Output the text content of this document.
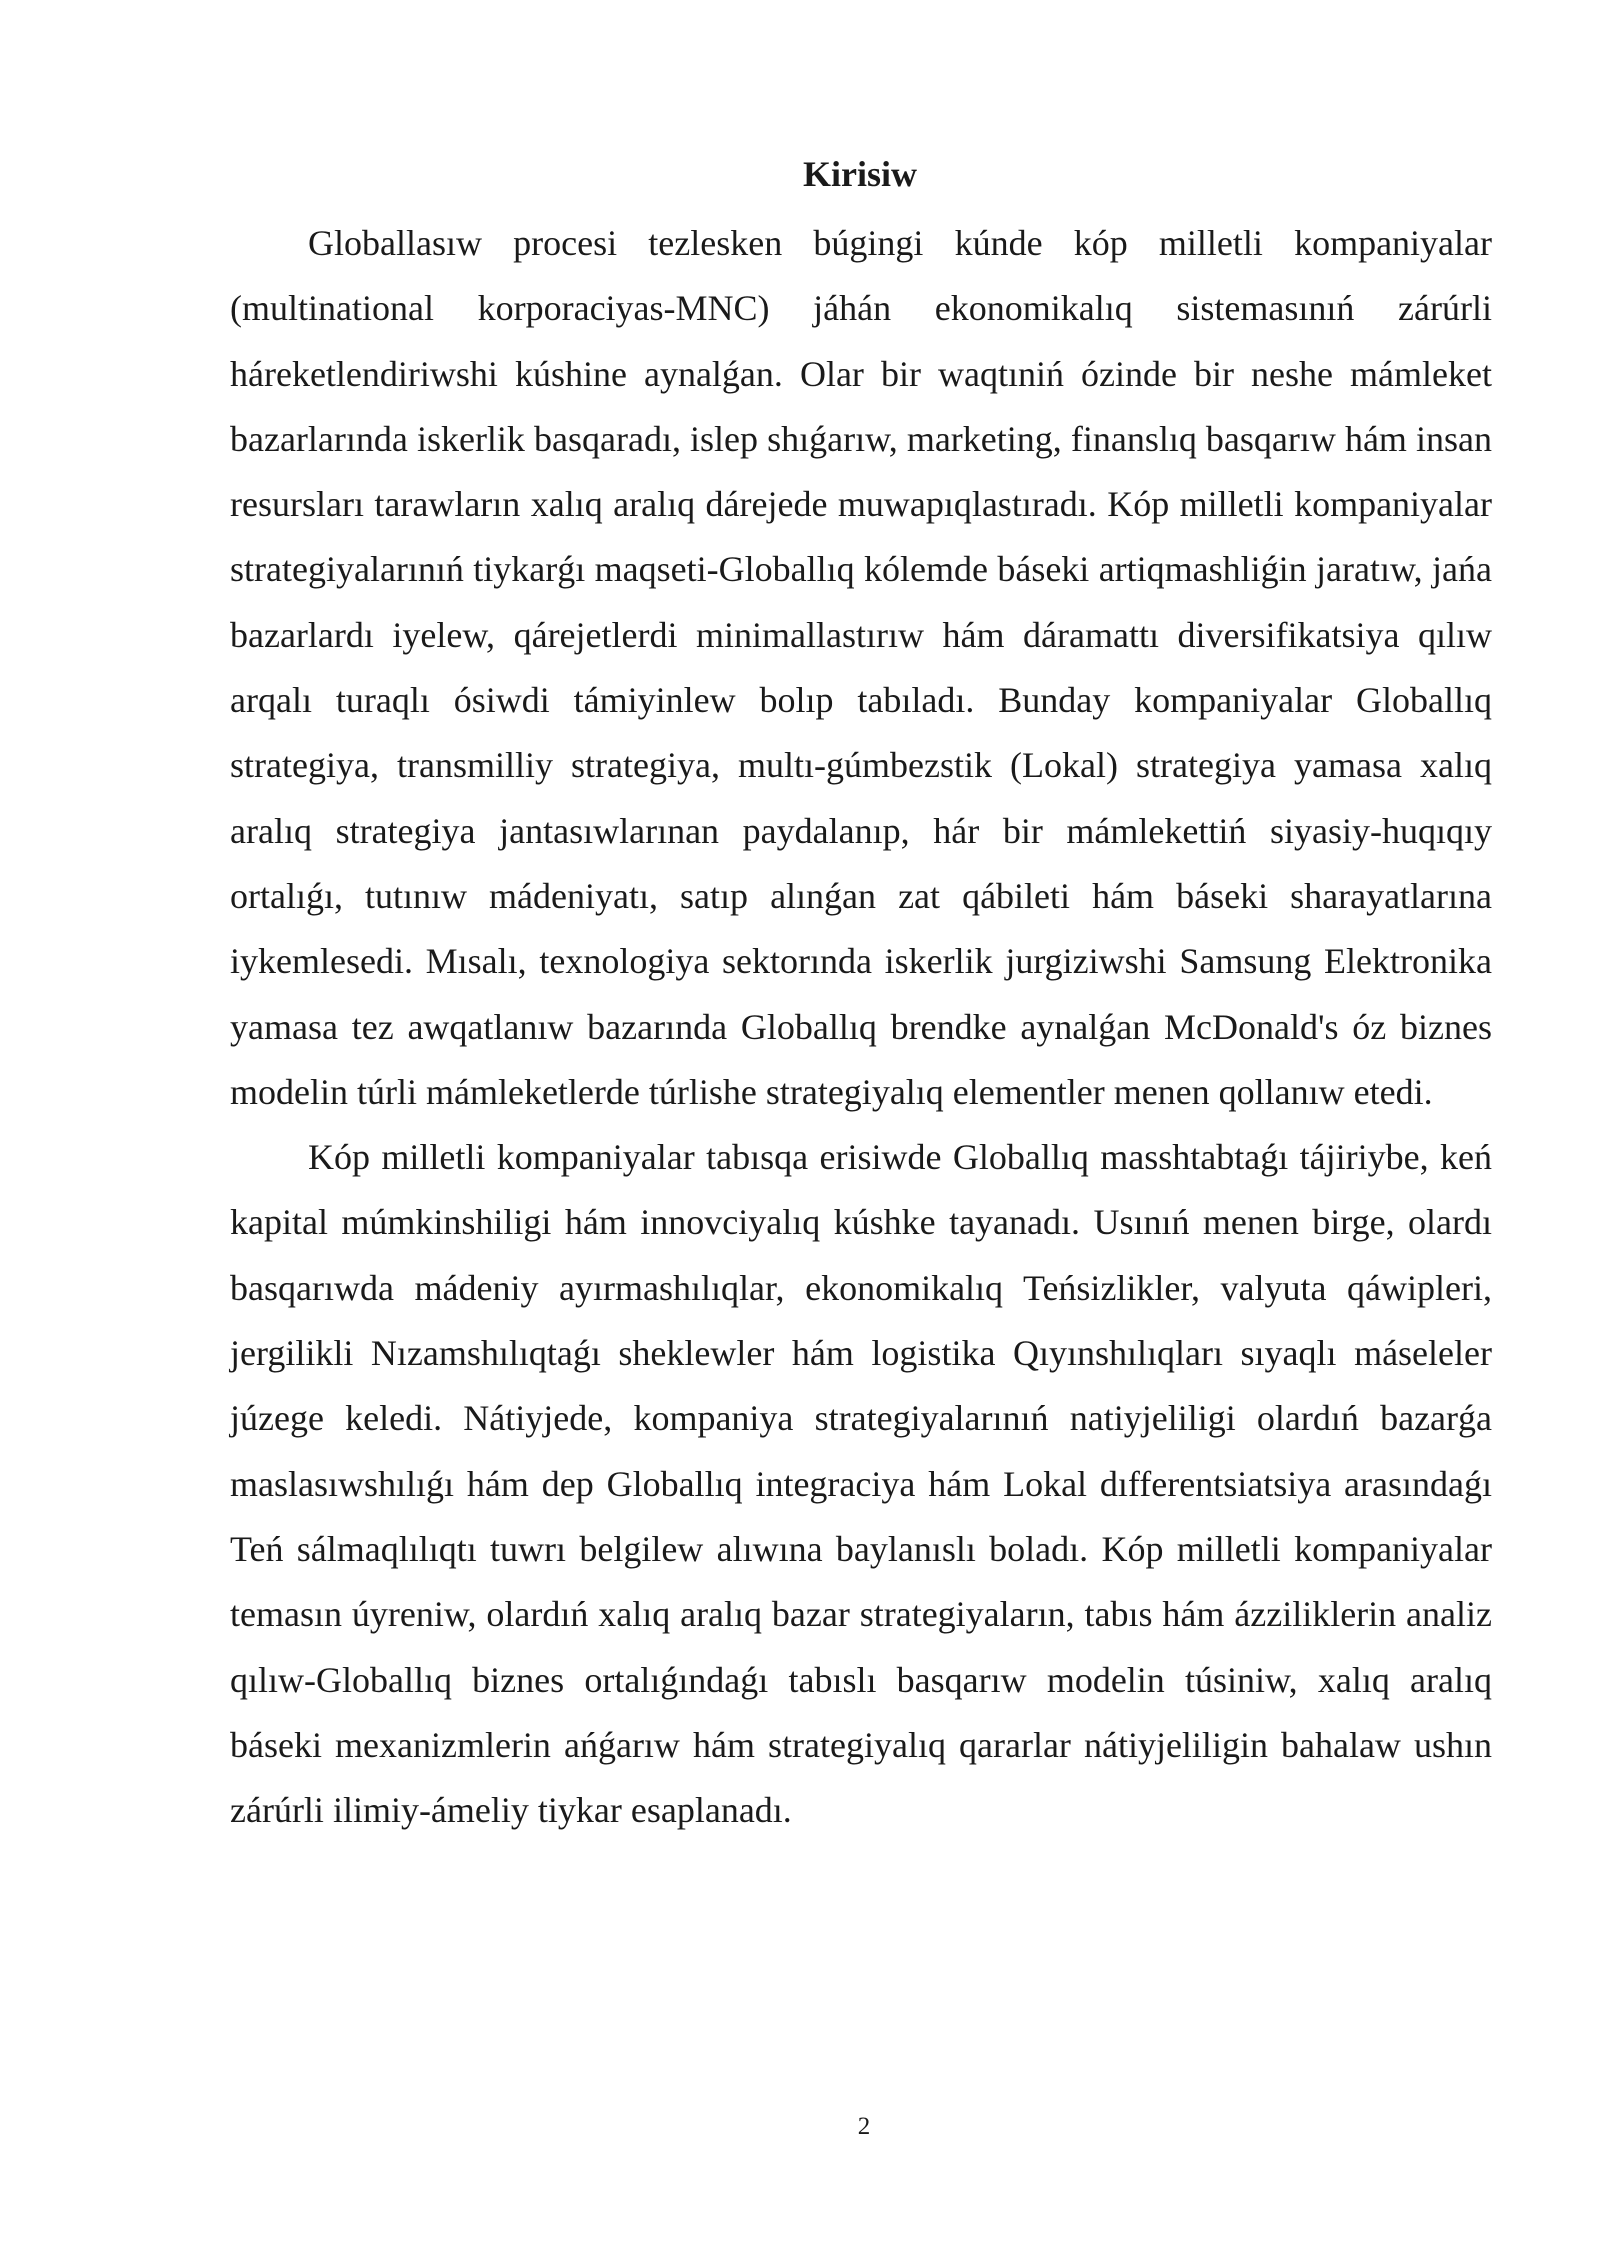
Kirisiw

Globallasıw procesi tezlesken búgingi kúnde kóp milletli kompaniyalar (multinational korporaciyas-MNC) jáhán ekonomikalıq sistemasınıń zárúrli háreketlendiriwshi kúshine aynalǵan. Olar bir waqtıniń ózinde bir neshe mámleket bazarlarında iskerlik basqaradı, islep shıǵarıw, marketing, finanslıq basqarıw hám insan resursları tarawların xalıq aralıq dárejede muwapıqlastıradı. Kóp milletli kompaniyalar strategiyalarınıń tiykarǵı maqseti-Globallıq kólemde báseki artiqmashliǵin jaratıw, jańa bazarlardı iyelew, qárejetlerdi minimallastırıw hám dáramattı diversifikatsiya qılıw arqalı turaqlı ósiwdi támiyinlew bolıp tabıladı. Bunday kompaniyalar Globallıq strategiya, transmilliy strategiya, multı-gúmbezstik (Lokal) strategiya yamasa xalıq aralıq strategiya jantasıwlarınan paydalanıp, hár bir mámlekettiń siyasiy-huqıqıy ortalıǵı, tutınıw mádeniyatı, satıp alınǵan zat qábileti hám báseki sharayatlarına iykemlesedi. Mısalı, texnologiya sektorında iskerlik jurgiziwshi Samsung Elektronika yamasa tez awqatlanıw bazarında Globallıq brendke aynalǵan McDonald's óz biznes modelin túrli mámleketlerde túrlishe strategiyalıq elementler menen qollanıw etedi.

Kóp milletli kompaniyalar tabısqa erisiwde Globallıq masshtabtaǵı tájiriybe, keń kapital múmkinshiligi hám innovciyalıq kúshke tayanadı. Usınıń menen birge, olardı basqarıwda mádeniy ayırmashılıqlar, ekonomikalıq Teńsizlikler, valyuta qáwipleri, jergilikli Nızamshılıqtaǵı sheklewler hám logistika Qıyınshılıqları sıyaqlı máseleler júzege keledi. Nátiyjede, kompaniya strategiyalarınıń natiyjeliligi olardıń bazarǵa maslasıwshılıǵı hám dep Globallıq integraciya hám Lokal dıfferentsiatsiya arasındaǵı Teń sálmaqlılıqtı tuwrı belgilew alıwına baylanıslı boladı. Kóp milletli kompaniyalar temasın úyreniw, olardıń xalıq aralıq bazar strategiyaların, tabıs hám ázziliklerin analiz qılıw-Globallıq biznes ortalıǵındaǵı tabıslı basqarıw modelin túsiniw, xalıq aralıq báseki mexanizmlerin ańǵarıw hám strategiyalıq qararlar nátiyjeliligin bahalaw ushın zárúrli ilimiy-ámeliy tiykar esaplanadı.

2
